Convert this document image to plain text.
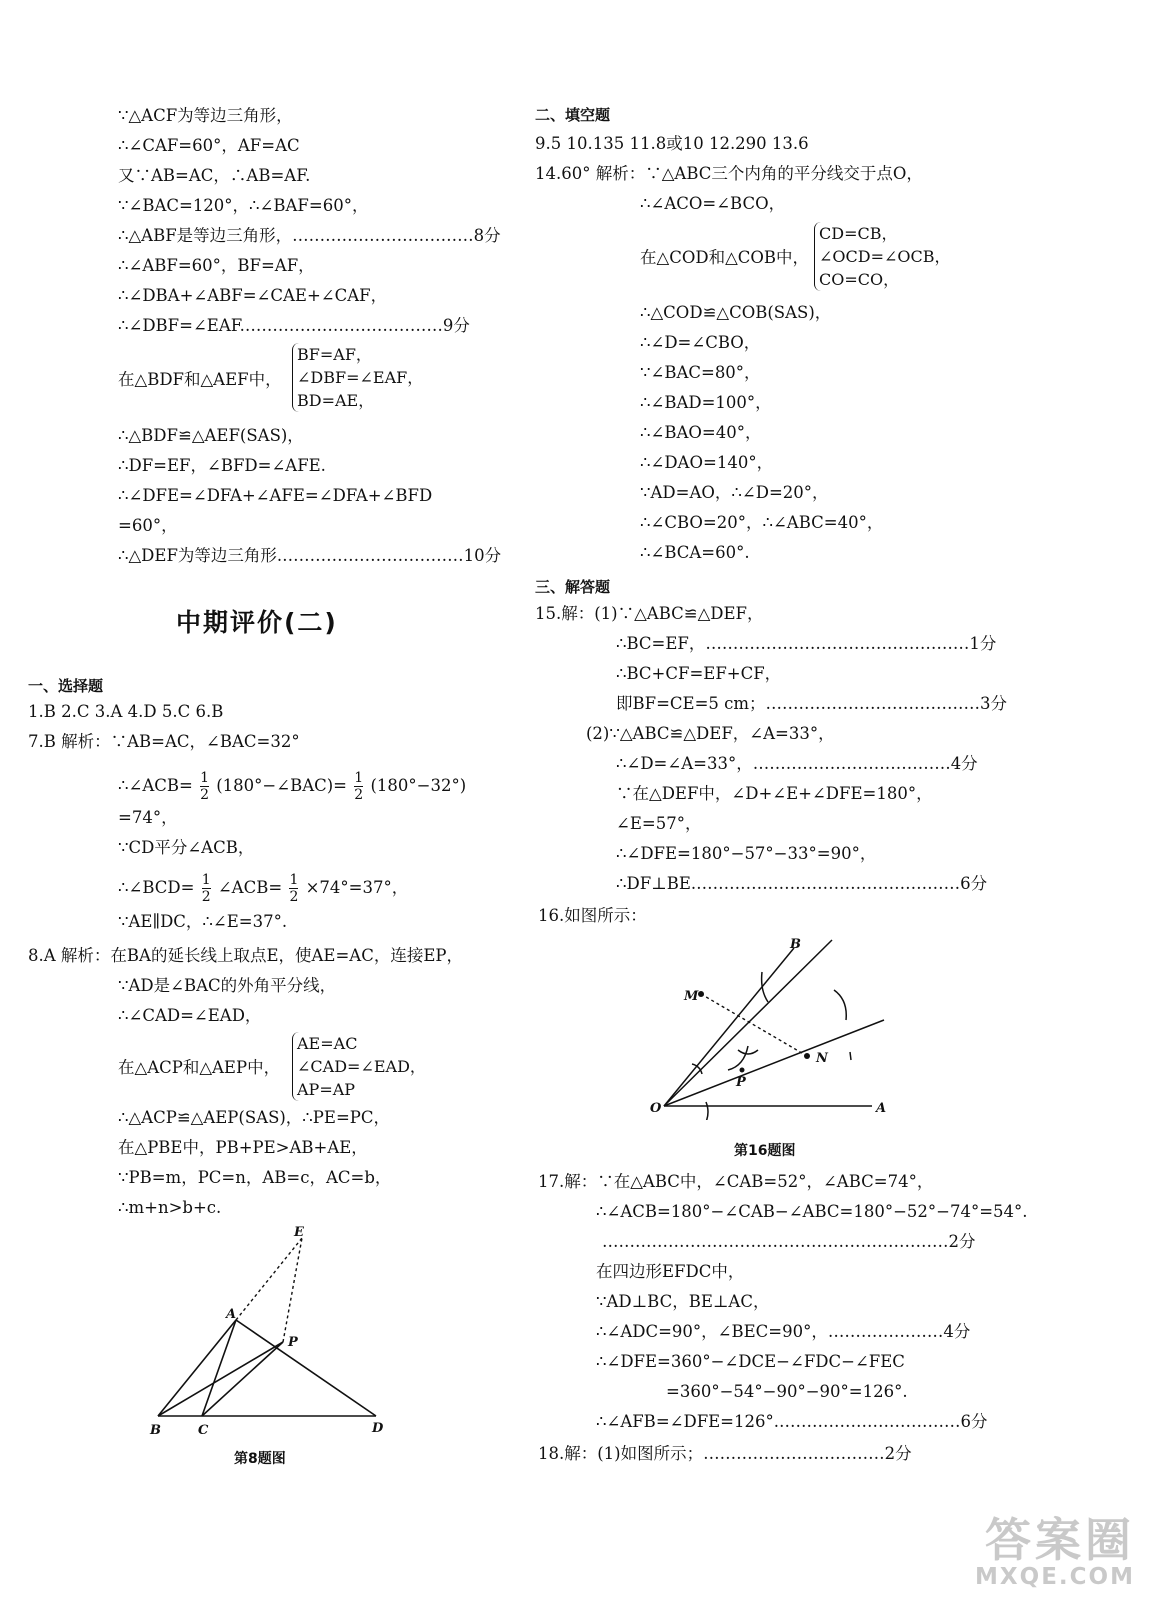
∵△ACF为等边三角形，
∴∠CAF=60°，AF=AC
又∵AB=AC，∴AB=AF.
∵∠BAC=120°，∴∠BAF=60°，
∴△ABF是等边三角形，……………………………8分
∴∠ABF=60°，BF=AF，
∴∠DBA+∠ABF=∠CAE+∠CAF，
∴∠DBF=∠EAF.………………………………9分
在△BDF和△AEF中，
BF=AF，
∠DBF=∠EAF，
BD=AE，
∴△BDF≌△AEF(SAS)，
∴DF=EF，∠BFD=∠AFE.
∴∠DFE=∠DFA+∠AFE=∠DFA+∠BFD
=60°，
∴△DEF为等边三角形.……………………………10分
中期评价(二)
一、选择题
1.B 2.C 3.A 4.D 5.C 6.B
7.B 解析：∵AB=AC，∠BAC=32°
∴∠ACB= $\frac{1}{2}$ (180°−∠BAC)= $\frac{1}{2} (180^\circ-32^\circ)$
=74°，
∵CD平分∠ACB，
∴∠BCD= $\frac{1}{2}$ ∠ACB= $\frac{1}{2} \times 74^\circ=37^\circ$，
∵AE∥DC，∴∠E=37°.
8.A 解析：在BA的延长线上取点E，使AE=AC，连接EP，
∵AD是∠BAC的外角平分线，
∴∠CAD=∠EAD，
在△ACP和△AEP中，
AE=AC
∠CAD=∠EAD，
AP=AP
∴△ACP≌△AEP(SAS)，∴PE=PC，
在△PBE中，PB+PE>AB+AE，
∵PB=m，PC=n，AB=c，AC=b，
∴m+n>b+c.
E
A
P
B	C	D
第8题图
二、填空题
9.5 10.135 11.8或10 12.290 13.6
14.60° 解析：∵△ABC三个内角的平分线交于点O，
∴∠ACO=∠BCO，
在△COD和△COB中，
CD=CB，
∠OCD=∠OCB，
CO=CO，
∴△COD≌△COB(SAS)，
∴∠D=∠CBO，
∵∠BAC=80°，
∴∠BAD=100°，
∴∠BAO=40°，
∴∠DAO=140°，
∵AD=AO，∴∠D=20°，
∴∠CBO=20°，∴∠ABC=40°，
∴∠BCA=60°.
三、解答题
15.解：(1)∵△ABC≌△DEF，
∴BC=EF，…………………………………………1分
∴BC+CF=EF+CF，
即BF=CE=5 cm；…………………………………3分
(2)∵△ABC≌△DEF，∠A=33°，
∴∠D=∠A=33°，………………………………4分
∵在△DEF中，∠D+∠E+∠DFE=180°，
∠E=57°，
∴∠DFE=180°−57°−33°=90°，
∴DF⊥BE.…………………………………………6分
16.如图所示：
B
M
N
P
O	A
第16题图
17.解：∵在△ABC中，∠CAB=52°，∠ABC=74°，
∴∠ACB=180°−∠CAB−∠ABC=180°−52°−74°=54°.
………………………………………………………2分
在四边形EFDC中，
∵AD⊥BC，BE⊥AC，
∴∠ADC=90°，∠BEC=90°，…………………4分
∴∠DFE=360°−∠DCE−∠FDC−∠FEC
=360°−54°−90°−90°=126°.
∴∠AFB=∠DFE=126°.……………………………6分
18.解：(1)如图所示；……………………………2分
答案圈
MXQE.COM
